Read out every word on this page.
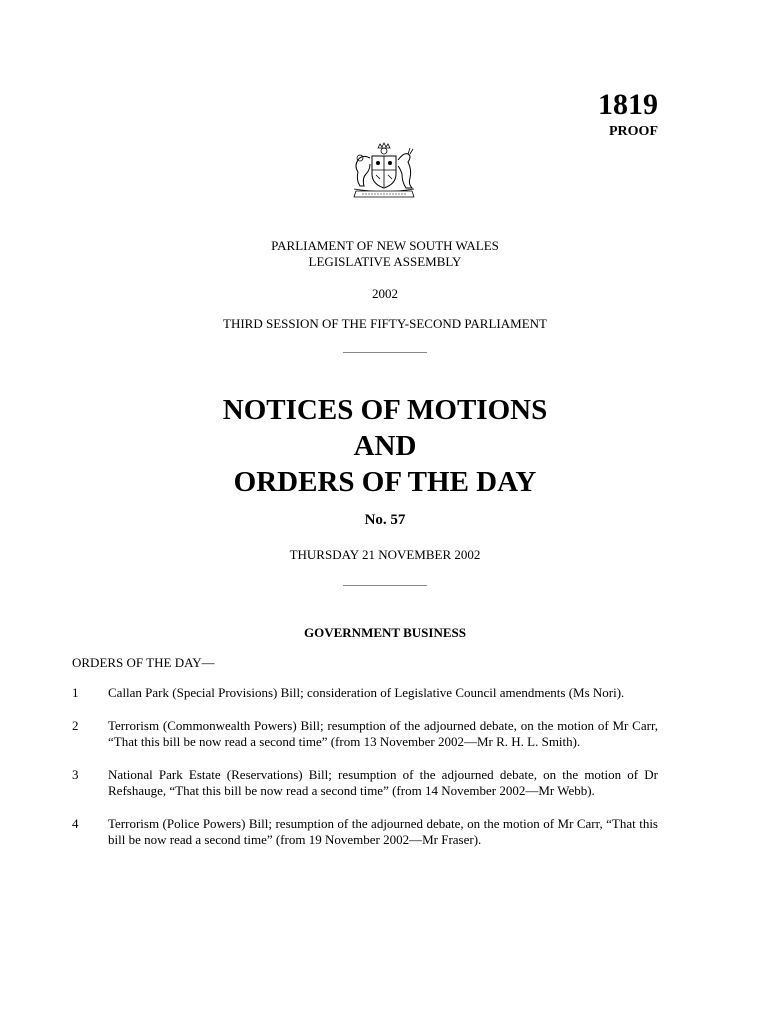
1819
PROOF
PARLIAMENT OF NEW SOUTH WALES
LEGISLATIVE ASSEMBLY
2002
THIRD SESSION OF THE FIFTY-SECOND PARLIAMENT
NOTICES OF MOTIONS
AND
ORDERS OF THE DAY
No. 57
THURSDAY 21 NOVEMBER 2002
GOVERNMENT BUSINESS
ORDERS OF THE DAY—
1	Callan Park (Special Provisions) Bill; consideration of Legislative Council amendments (Ms Nori).
2	Terrorism (Commonwealth Powers) Bill; resumption of the adjourned debate, on the motion of Mr Carr, “That this bill be now read a second time” (from 13 November 2002—Mr R. H. L. Smith).
3	National Park Estate (Reservations) Bill; resumption of the adjourned debate, on the motion of Dr Refshauge, “That this bill be now read a second time” (from 14 November 2002—Mr Webb).
4	Terrorism (Police Powers) Bill; resumption of the adjourned debate, on the motion of Mr Carr, “That this bill be now read a second time” (from 19 November 2002—Mr Fraser).
